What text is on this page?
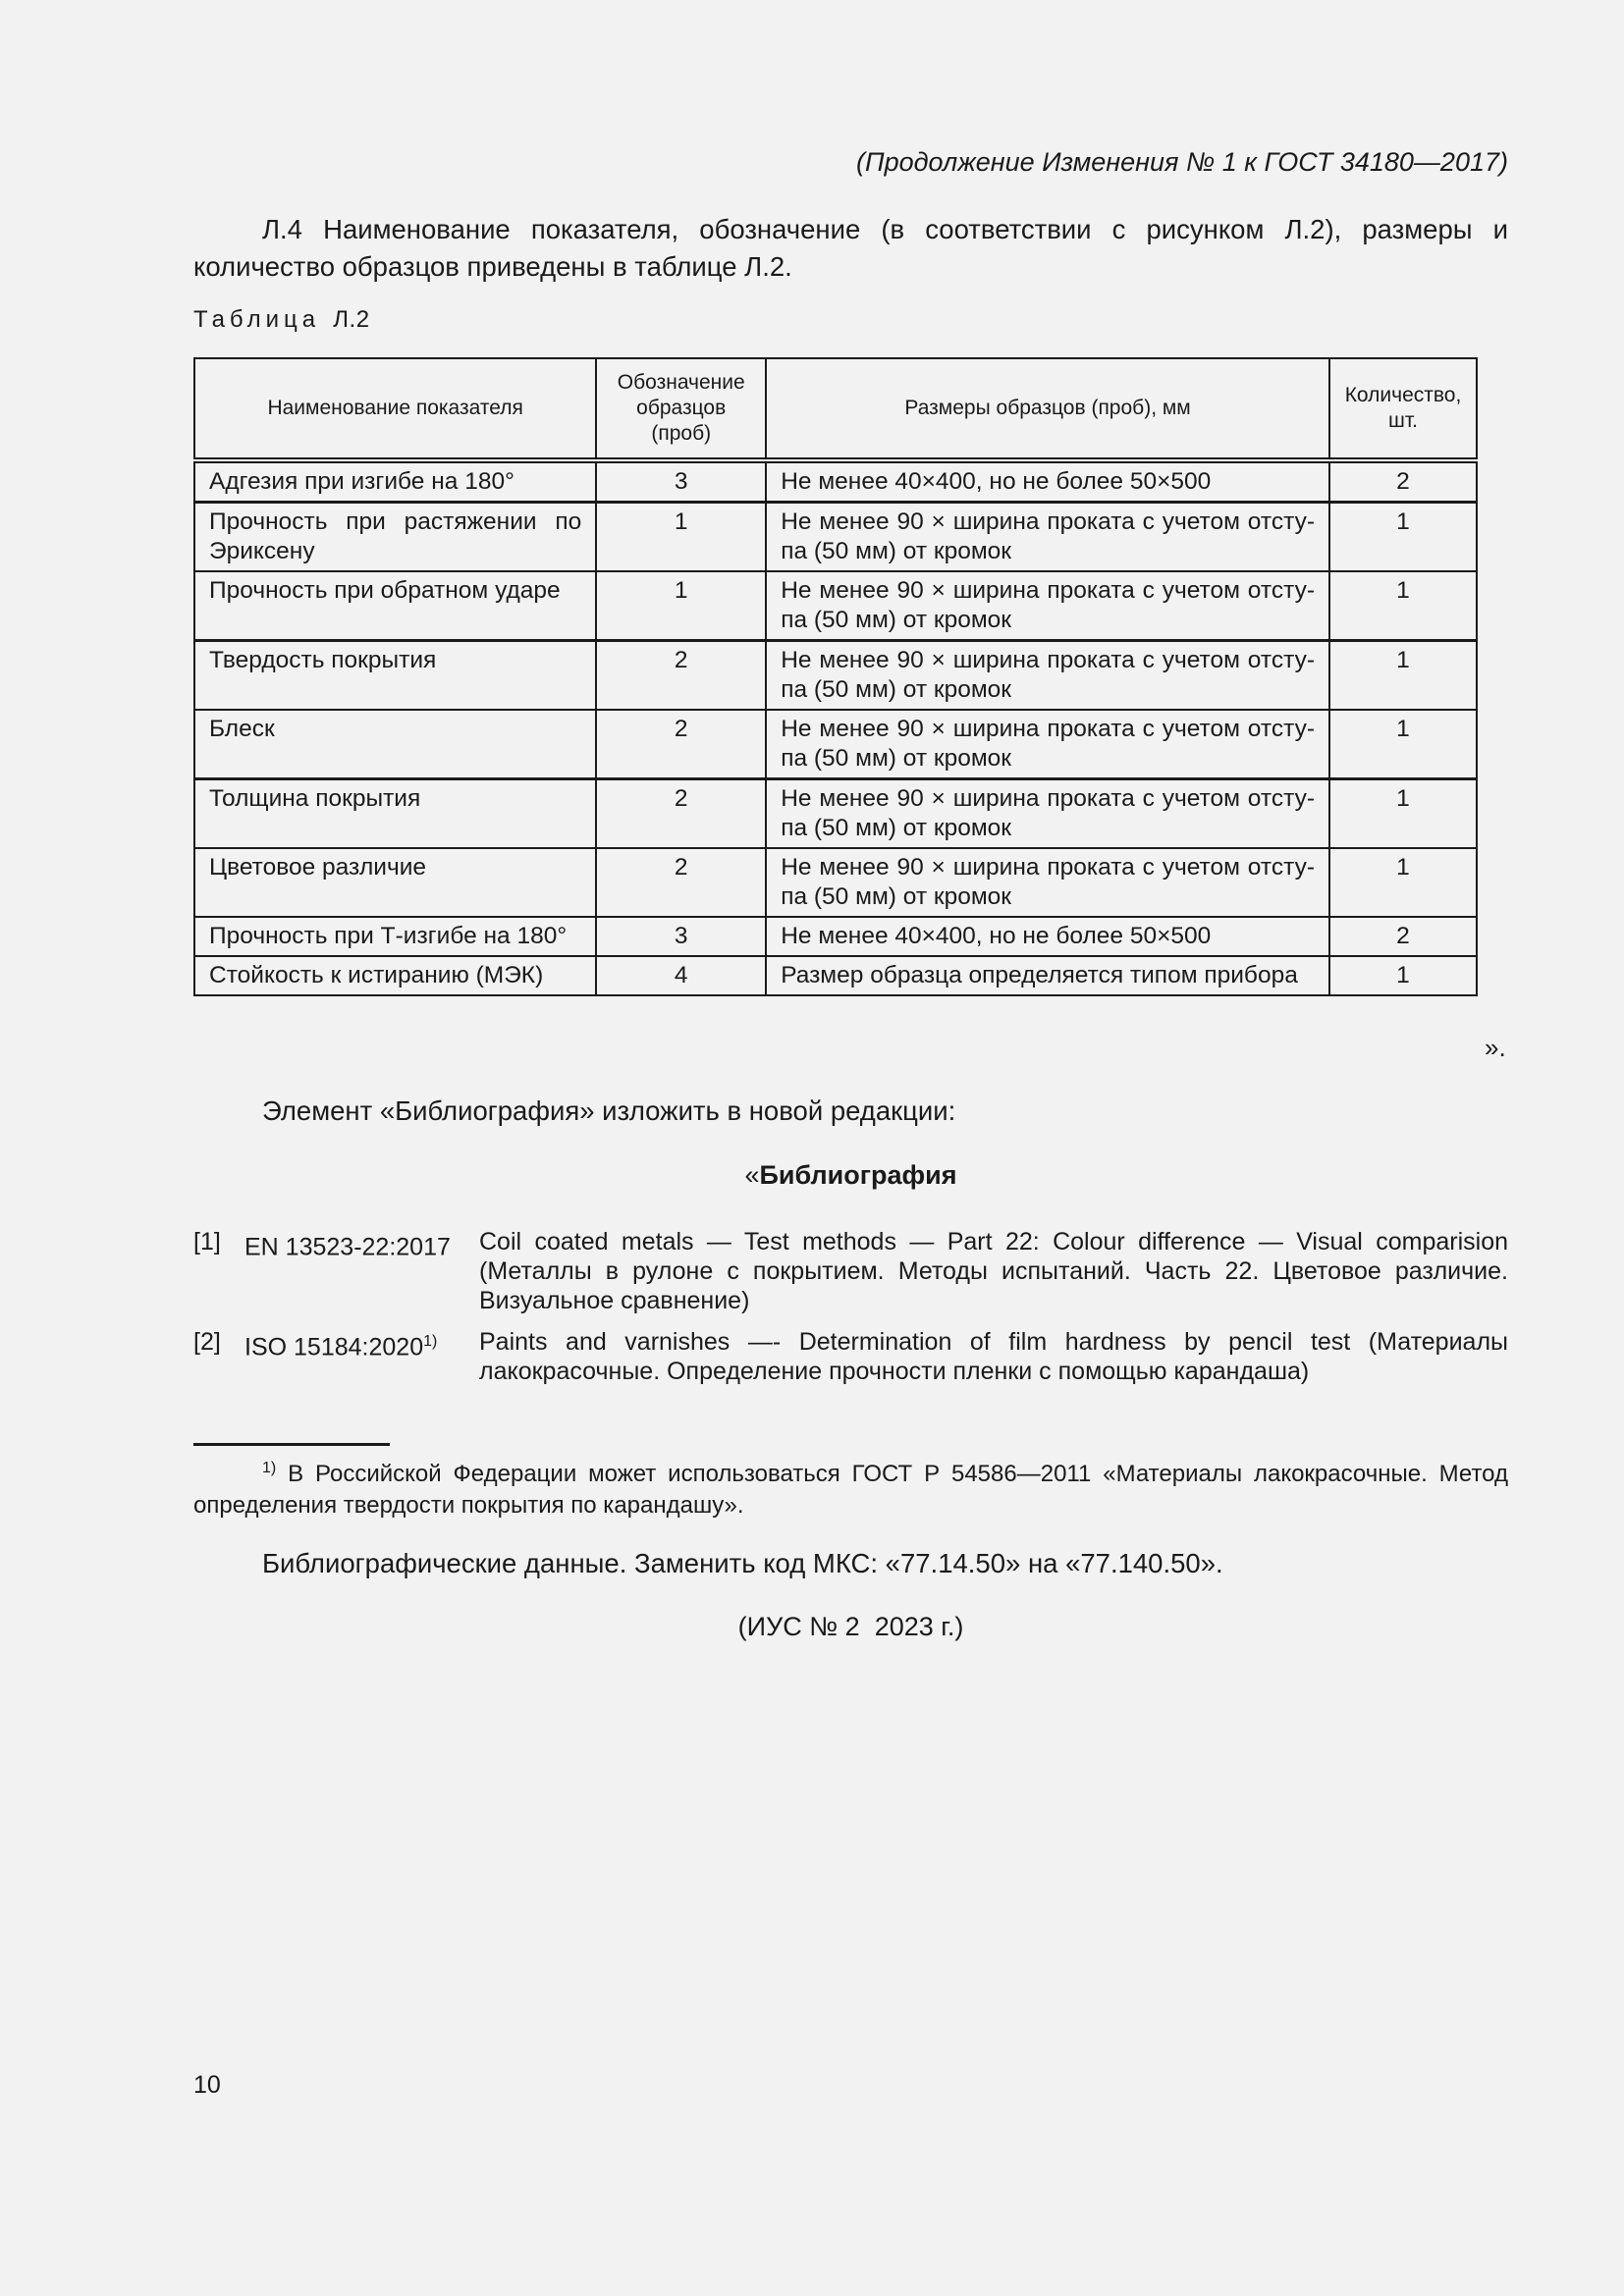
(Продолжение Изменения № 1 к ГОСТ 34180—2017)
Л.4 Наименование показателя, обозначение (в соответствии с рисунком Л.2), размеры и количество образцов приведены в таблице Л.2.
Таблица Л.2
Наименование показателя	Обозначение образцов (проб)	Размеры образцов (проб), мм	Количество, шт.
Адгезия при изгибе на 180°	3	Не менее 40×400, но не более 50×500	2
Прочность при растяжении по Эриксену	1	Не менее 90 × ширина проката с учетом отсту-па (50 мм) от кромок	1
Прочность при обратном ударе	1	Не менее 90 × ширина проката с учетом отсту-па (50 мм) от кромок	1
Твердость покрытия	2	Не менее 90 × ширина проката с учетом отсту-па (50 мм) от кромок	1
Блеск	2	Не менее 90 × ширина проката с учетом отсту-па (50 мм) от кромок	1
Толщина покрытия	2	Не менее 90 × ширина проката с учетом отсту-па (50 мм) от кромок	1
Цветовое различие	2	Не менее 90 × ширина проката с учетом отсту-па (50 мм) от кромок	1
Прочность при Т-изгибе на 180°	3	Не менее 40×400, но не более 50×500	2
Стойкость к истиранию (МЭК)	4	Размер образца определяется типом прибора	1
».
Элемент «Библиография» изложить в новой редакции:
«Библиография
[1] EN 13523-22:2017 Coil coated metals — Test methods — Part 22: Colour difference — Visual comparision (Металлы в рулоне с покрытием. Методы испытаний. Часть 22. Цветовое различие. Визуальное сравнение)
[2] ISO 15184:2020$^{1)}$ Paints and varnishes —- Determination of film hardness by pencil test (Материалы лакокрасочные. Определение прочности пленки с помощью карандаша)
$^{1)}$ В Российской Федерации может использоваться ГОСТ Р 54586—2011 «Материалы лакокрасочные. Метод определения твердости покрытия по карандашу».
Библиографические данные. Заменить код МКС: «77.14.50» на «77.140.50».
(ИУС № 2  2023 г.)
10
